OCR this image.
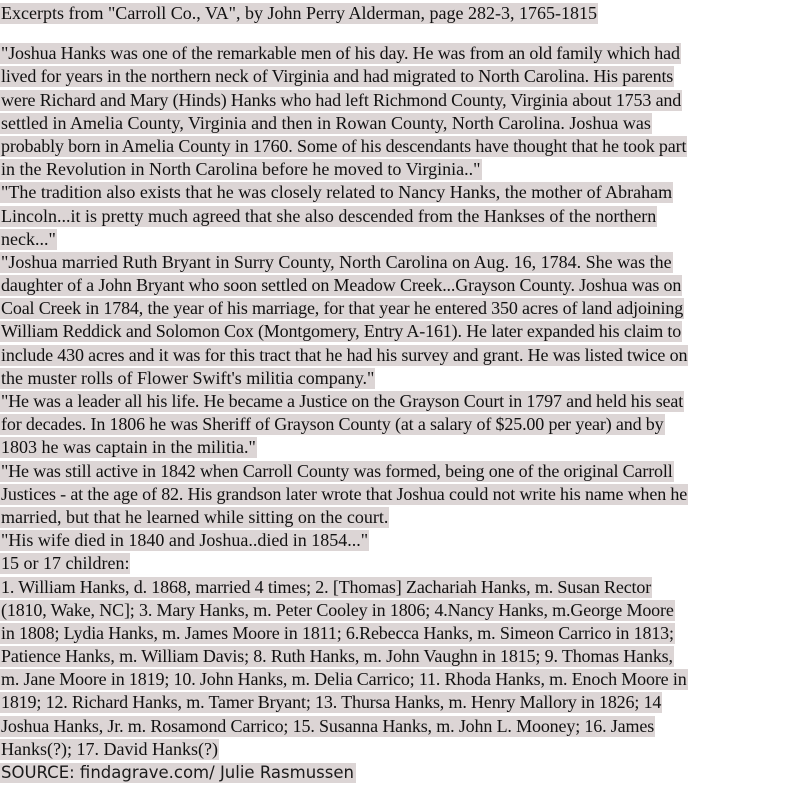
Excerpts from "Carroll Co., VA", by John Perry Alderman, page 282-3, 1765-1815
"Joshua Hanks was one of the remarkable men of his day. He was from an old family which had
lived for years in the northern neck of Virginia and had migrated to North Carolina. His parents
were Richard and Mary (Hinds) Hanks who had left Richmond County, Virginia about 1753 and
settled in Amelia County, Virginia and then in Rowan County, North Carolina. Joshua was
probably born in Amelia County in 1760. Some of his descendants have thought that he took part
in the Revolution in North Carolina before he moved to Virginia.."
"The tradition also exists that he was closely related to Nancy Hanks, the mother of Abraham
Lincoln...it is pretty much agreed that she also descended from the Hankses of the northern
neck..."
"Joshua married Ruth Bryant in Surry County, North Carolina on Aug. 16, 1784. She was the
daughter of a John Bryant who soon settled on Meadow Creek...Grayson County. Joshua was on
Coal Creek in 1784, the year of his marriage, for that year he entered 350 acres of land adjoining
William Reddick and Solomon Cox (Montgomery, Entry A-161). He later expanded his claim to
include 430 acres and it was for this tract that he had his survey and grant. He was listed twice on
the muster rolls of Flower Swift's militia company."
"He was a leader all his life. He became a Justice on the Grayson Court in 1797 and held his seat
for decades. In 1806 he was Sheriff of Grayson County (at a salary of $25.00 per year) and by
1803 he was captain in the militia."
"He was still active in 1842 when Carroll County was formed, being one of the original Carroll
Justices - at the age of 82. His grandson later wrote that Joshua could not write his name when he
married, but that he learned while sitting on the court.
"His wife died in 1840 and Joshua..died in 1854..."
15 or 17 children:
1. William Hanks, d. 1868, married 4 times; 2. [Thomas] Zachariah Hanks, m. Susan Rector
(1810, Wake, NC]; 3. Mary Hanks, m. Peter Cooley in 1806; 4.Nancy Hanks, m.George Moore
in 1808; Lydia Hanks, m. James Moore in 1811; 6.Rebecca Hanks, m. Simeon Carrico in 1813;
Patience Hanks, m. William Davis; 8. Ruth Hanks, m. John Vaughn in 1815; 9. Thomas Hanks,
m. Jane Moore in 1819; 10. John Hanks, m. Delia Carrico; 11. Rhoda Hanks, m. Enoch Moore in
1819; 12. Richard Hanks, m. Tamer Bryant; 13. Thursa Hanks, m. Henry Mallory in 1826; 14
Joshua Hanks, Jr. m. Rosamond Carrico; 15. Susanna Hanks, m. John L. Mooney; 16. James
Hanks(?); 17. David Hanks(?)
SOURCE: findagrave.com/ Julie Rasmussen
